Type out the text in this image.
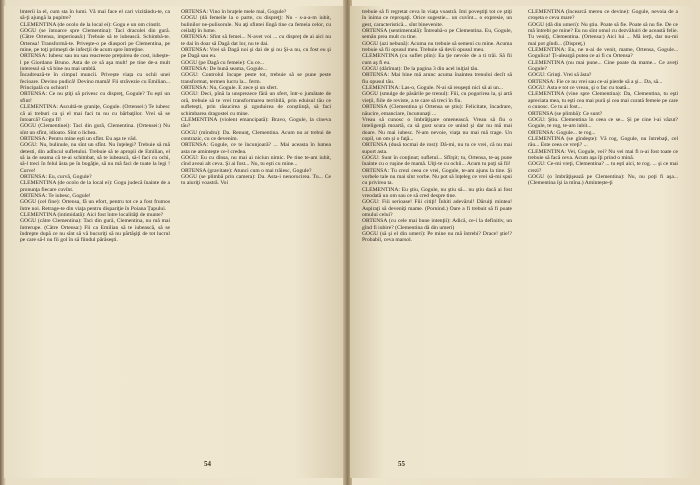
lmterii la el, cum sta în lumi. Vă mai face el cari vizitându-te, ca să-ţi ajungă la pupitre?

CLEMENTINA (de ocolo de la local ei): Gogu e un om cinstit.

GOGU (se întoarce spre Clementina): Taci draculei din gură. (Către Ortensa, imperioasă:) Trebuie să te iubească. Schimbă-te. Ortensa! Transformă-te. Priveşte-o pe diaspori pe Clementina, pe mine, pe toţi primeşti de infecţii de acum spre întreţine.

ORTENSA: Iubesc sau nu sau reacreeze preţuirea de cost, iubeşte-l pe Giordano Bruno. Asta de ce să aşa mult! pe tine de-a mult interesul să vă bine nu mai umblă.

Încadrează-te în cimpul muncii. Privește viața cu ochii unei fecioare. Devino pudică! Devino mamă! Fii străvezie cu Emilian... Principală cu ochiori!

ORTENSA: Ce nu ştiţi să privesc cu dispreţ, Gogule? Tu eşti un sfint!

CLEMENTINA: Ascultă-te graniţe, Gogule. (Ortensei:) Te iubesc că ai treburi ca şi el mai faci tu nu cu bărbaţilor. Vrei să se întoarcă? Gogu fi!

GOGU (Clementinei): Taci din gură, Clementina. (Ortensei:) Nu sînt un sfînt, idioato. Sînt o lichea.

ORTENSA: Pentru mine eşti un sfînt. Eu aşa te văd.

GOGU: Nu, bulinule, nu sînt un sfînt. Nu înţelegi? Trebuie să mă detesti, din adîncul sufletului. Trebuie să te apropii de Emilian, el să ia de seama că te-ai schimbat, să te iubească, să-l faci cu ochi, să-l treci în felul ăsta pe în bogăţie, să nu mă faci de toate la legi ! Curve!

ORTENSA: Eu, curvă, Gogule?

CLEMENTINA (de ocolo de la local ei): Gogu judecă înainte de a pronunţa fiecare cuvînt.

ORTENSA: Te iubesc, Gogule!

GOGU (cel fine): Ortensa, fă un efort, pentru tot ce a fost frumos între noi. Retrage-te din viaţa pentru dispariţie în Poiana Țapului.

CLEMENTINA (intimidată): Aici fost între localităţi de munte?

GOGU (către Clementina): Taci din gură, Clementina, nu mă mai întrerupe. (Către Ortensa:) Fii ca Emilian să te iubească, să se îndrepte după ce nu sînt să vă bucuriţi să nu părtăşiţi de tot lucrul pe care să-l nu fii gol în să fiindul părăseşti.

ORTENSA: Vino în braţele mele mai, Gogule?

GOGU (dă femeile la o parte, cu dispreţ): Nu - s-a-a-m iubit, bulinilor ne-pulisorule. Nu aţi sfintei lîngă tine ca femeia celor, cu ceilalţi în lume.

ORTENSA: Sfint să femei... N-avet voi ... cu dispreţ de ai aici nu te dai în doar să Dagă dat lor, nu te dai.

ORTENSA: Vrei să Dagă noi şi dai de şi nu Şi-a nu, cu fost eu şi pe Dagă sau eu.

GOGU (pe Dagă cu femeie): Cu ce...

ORTENSA: De bună seama, Gogule...

GOGU: Controlul încape peste tot, trebuie să se pune peste transformat, termen lucru la... ferm.

ORTENSA: Nu, Gogule. E zece şi un sfert.

GOGU: Deci, pînă la unsprezece fără un sfert, într-o jumătate de oră, trebuie să te vrei transformarea terribilă, prin eduisul tău ce sufleteşti, prin răsucirea şi zguduirea de conștiință, să faci schimbarea dragostei cu mine.

CLEMENTINA (violent emancipată): Bravo, Gogule, la cineva tău?

GOGU (mîndru): Da. Renunţ, Clementina. Acum nu ar trebui de contrazic, cu ce devenim.

ORTENSA: Gogule, ce te încunjoară? ... Mai aceasta în lumea asta ne aminteşte ce-l credea.

GOGU: Eu cu dînsa, nu mai ai niciun nimic. Pe tine te-am iubit, cînd aveai alt ceva. Şi ai fost... Nu, tu eşti cu mine...

ORTENSA (gravitate): Atunci cum o mai trăiesc, Gogule?

GOGU (se plimbă prin camera): Da. Asta-i nenorocirea. Tu... Ce tu aiuriţi voastră. Voi

54

trebuie să fi regretat ceva în viaţa voastră. Imi poveştiţi tot ce ştiţi în inima ce reproşaţi. Orice sugestie... un cuvînt... o expresie, un gest, caracteristică... sînt binevenite.

ORTENSA (sentimentală): Întreabă-o pe Clementina. Eu, Gogule, semăn prea mult cu tine.

GOGU (azi nebună): Acuma nu trebuie să semeni cu mine. Acuma trebuie să fii opusul meu. Trebuie să devii opusul meu.

CLEMENTINA (cu suflet plin): Ea ţie nevoie de a ti trăi. Să fii cum aş fi eu.

GOGU (dărîmat): De la pagina 3 din acel iniţial tău.

ORTENSA: Mai bine mă arunc acuma înaintea trenului decît să fiu opusul tău.

CLEMENTINA: Las-o, Gogule. N-ai să reuşeşti nici să ai un...

GOGU (smulge de păsările pe trenul): Fiii, cu pogorirea la, şi artă vieţii, fiile de reviste, a te care să treci în fiu.

ORTENSA (Clementina şi Ortensa se ştiu): Felicitate, încadrare, năucire, emanciare, încununaţi ...

Vreau să cunosc o îmbrăţişare omenească. Vreau să fiu o inteligenţă moartă, ca să gust scura ce unind şi dar nu mă mai doare. Nu mai iubesc. N-am nevoie, viaţa nu mai mă trage. Un copil, un om şi o faţă...

ORTENSA (dusă tocmai de rost): Dă-mi, nu tu ce vrei, că nu mai suport asta.

GOGU: Sunt în conţinut; sufletul... Sfîrşit; tu, Ortensa, te-aş pune înainte cu o ruşine de mamă. Uiţi-te cu ochii... Acum tu poţi să fii!

ORTENSA: Tu crezi ceea ce vrei, Gogule, te-am ajuns la tine. Şi vorbele tale nu mai sînt vorbe. Nu pot să înţeleg ce vrei să-mi spui cu privirea ta.

CLEMENTINA: Eu ştiu, Gogule, nu ştiu să... nu ştiu dacă ai fost vreodată un om sau ce să cred despre tine.

GOGU: Fiii serioase! Fiii citiţi! Înhiti adevărul! Dăruiţi mintea! Aspiraţi să deveniţi mame. (Pornind.) Oare a fi trebuit să fi poate omului celui?

ORTENSA (cu cele mai bune intenţii): Adică, ce-i la definitiv, un gînd fi iubire? (Clementina dă din umeri)

GOGU (să şi el din umeri): Pe mine nu mă întrebi? Drace! ştie!? Probabil, ceva marsol.

CLEMENTINA (încearcă mereu ce devine): Gogule, nevoia de a croşeta e ceva mare?

GOGU (dă din umeri): Nu ştiu. Poate să fie. Poate să nu fie. De ce mă întrebi pe mine? Eu nu sînt omul cu dezvăluiri de această felie. Tu veniţi, Clementina. (Ortensa:) Aici lui ... Mă ierţi, dar nu-mi mai pot gîndi... (Dispreţ.)

CLEMENTINA: Eu, ne n-ai de venit, mame, Ortensa, Gogule... Gogulica! Ți-aleargă putea ce ai fi cu Ortensa?

CLEMENTINA (nu mai pune... Cine poate da mame... Ce aveţi Gogule?

GOGU: Grinţi. Vrei să ăsta?

ORTENSA: Fie ce nu vrei sau ce-ai pierde să a şi... Da, să...

GOGU: Asta e tot ce vreau, şi o fac cu toată...

CLEMENTINA (vine spre Clementina): Da, Clementina, tu eşti apreciata mea, tu eşti cea mai pură şi cea mai curată femeie pe care o cunosc. Ce tu ai fost...

ORTENSA (se plimbă): Ce sunt?

GOGU: Ştiu. Clementina în ceea ce se... Și pe cine l-ai văzut? Gogule, te rog, te-am iubit...

ORTENSA: Gogule... te rog...

CLEMENTINA (se gîndeşte): Vă rog, Gogule, nu întrebaţi, cel rău... Este ceea ce vreţi? ...

CLEMENTINA: Vei, Gogule, vei? Nu vei mai fi n-ai fost toate ce trebuie să facă ceva. Acum aşa îţi prind o mină.

GOGU: Ce-mi vreţi, Clementina? ... tu eşti aici, te rog. ... şi ce mai crezi?

GOGU (o îmbrăţişează pe Clementina): Nu, nu poţi fi aşa... (Clementina îşi ia mîna.) Amintește-ţi

55
